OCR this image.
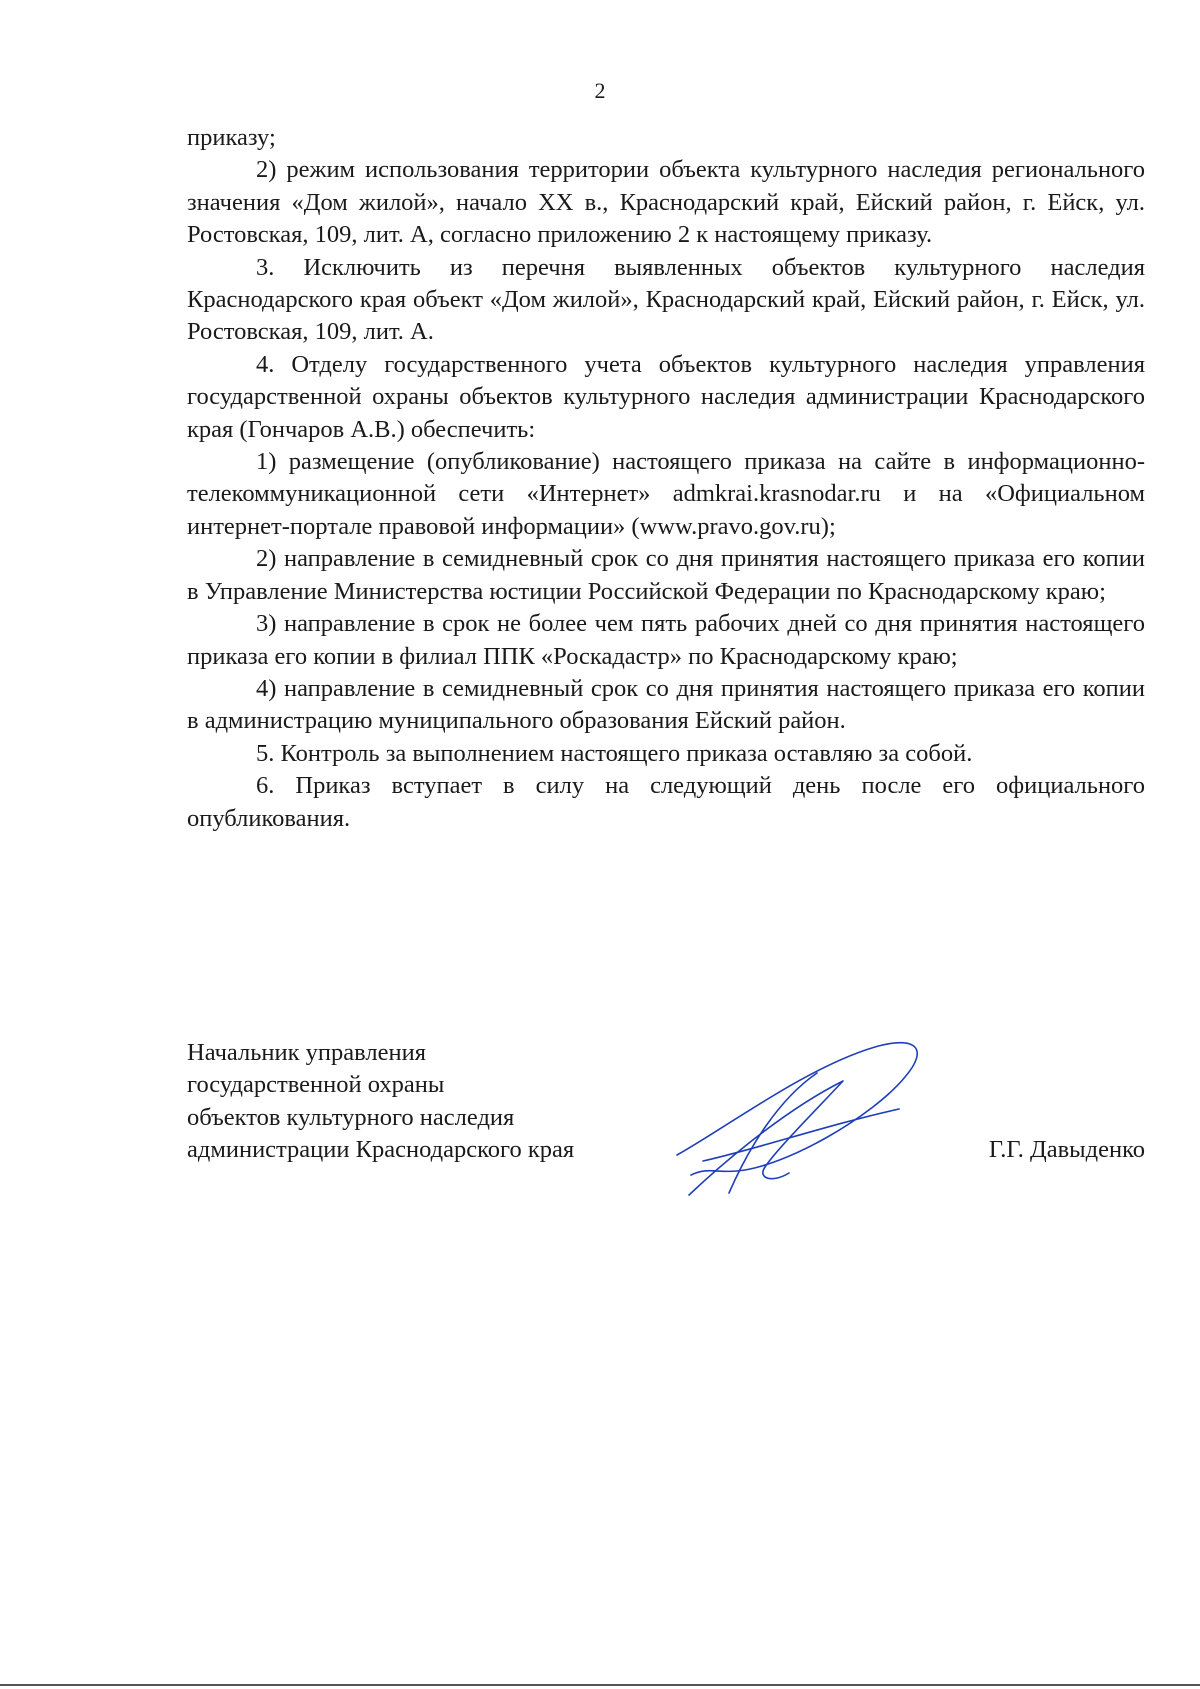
2

приказу;

2) режим использования территории объекта культурного наследия регионального значения «Дом жилой», начало XX в., Краснодарский край, Ейский район, г. Ейск, ул. Ростовская, 109, лит. А, согласно приложению 2 к настоящему приказу.

3. Исключить из перечня выявленных объектов культурного наследия Краснодарского края объект «Дом жилой», Краснодарский край, Ейский район, г. Ейск, ул. Ростовская, 109, лит. А.

4. Отделу государственного учета объектов культурного наследия управления государственной охраны объектов культурного наследия администрации Краснодарского края (Гончаров А.В.) обеспечить:

1) размещение (опубликование) настоящего приказа на сайте в информационно-телекоммуникационной сети «Интернет» admkrai.krasnodar.ru и на «Официальном интернет-портале правовой информации» (www.pravo.gov.ru);

2) направление в семидневный срок со дня принятия настоящего приказа его копии в Управление Министерства юстиции Российской Федерации по Краснодарскому краю;

3) направление в срок не более чем пять рабочих дней со дня принятия настоящего приказа его копии в филиал ППК «Роскадастр» по Краснодарскому краю;

4) направление в семидневный срок со дня принятия настоящего приказа его копии в администрацию муниципального образования Ейский район.

5. Контроль за выполнением настоящего приказа оставляю за собой.

6. Приказ вступает в силу на следующий день после его официального опубликования.

Начальник управления
государственной охраны
объектов культурного наследия
администрации Краснодарского края	Г.Г. Давыденко
